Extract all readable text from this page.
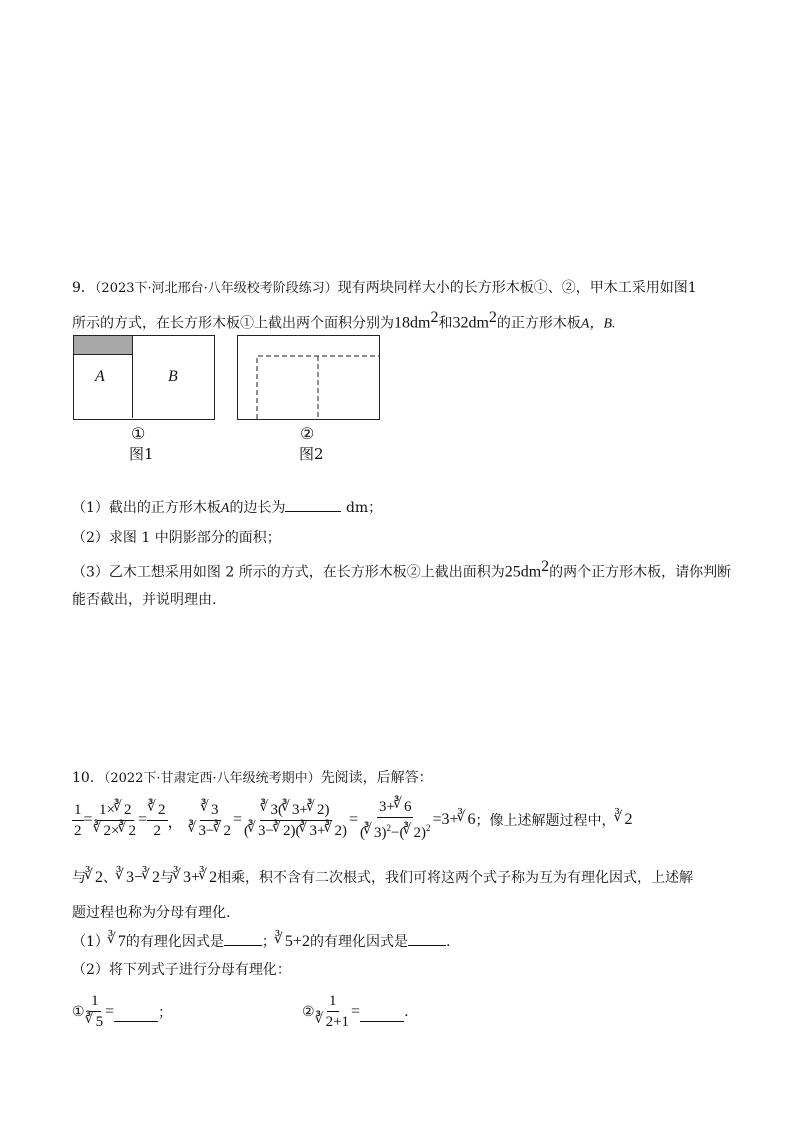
9．（2023下·河北邢台·八年级校考阶段练习）现有两块同样大小的长方形木板①、②，甲木工采用如图1
所示的方式，在长方形木板①上截出两个面积分别为$18dm^2$和$32dm^2$的正方形木板A，B.
A	B
①
图1
②
图2
（1）截出的正方形木板A的边长为	dm；
（2）求图 1 中阴影部分的面积；
（3）乙木工想采用如图 2 所示的方式，在长方形木板②上截出面积为$25dm^2$的两个正方形木板，请你判断
能否截出，并说明理由.
10．（2022下·甘肃定西·八年级统考期中）先阅读，后解答：
$\frac{1}{2}$ = 1×∛ 2
∛ 2×∛ 2 =
∛ $\frac{2}{2}$ ，
∛ 3
∛ 3−∛ 2 =
∛ $\frac{3(∛ 3+∛ 2)}{(∛ 3-∛ 2)(∛ 3+∛ 2)} = \frac{3+∛ 6}{(∛ 3)^2-(∛ 2)^2}$ = 3+∛ 6 ；像上述解题过程中，
∛ 2
与∛ 2、∛ 3−∛ 2与∛ 3+∛ 2相乘，积不含有二次根式，我们可将这两个式子称为互为有理化因式，上述解
题过程也称为分母有理化.
（1）∛ 7的有理化因式是	；∛ 5+2的有理化因式是	.
（2）将下列式子进行分母有理化：
① 1
∛ 5 =	；	② 1
∛ 2+1 =	.
